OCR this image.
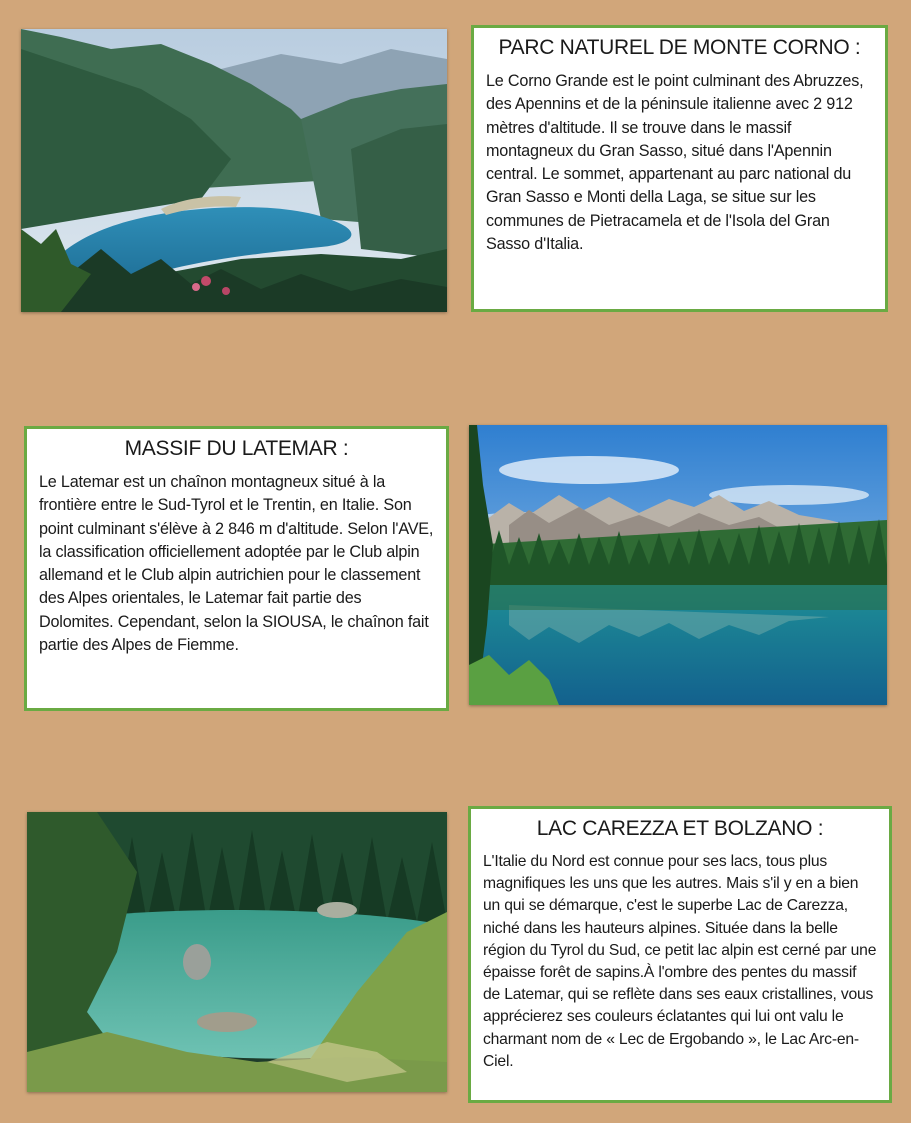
PARC NATUREL DE MONTE CORNO :

Le Corno Grande est le point culminant des Abruzzes, des Apennins et de la péninsule italienne avec 2 912 mètres d'altitude. Il se trouve dans le massif montagneux du Gran Sasso, situé dans l'Apennin central. Le sommet, appartenant au parc national du Gran Sasso e Monti della Laga, se situe sur les communes de Pietracamela et de l'Isola del Gran Sasso d'Italia.

MASSIF DU LATEMAR :

Le Latemar est un chaînon montagneux situé à la frontière entre le Sud-Tyrol et le Trentin, en Italie. Son point culminant s'élève à 2 846 m d'altitude. Selon l'AVE, la classification officiellement adoptée par le Club alpin allemand et le Club alpin autrichien pour le classement des Alpes orientales, le Latemar fait partie des Dolomites. Cependant, selon la SIOUSA, le chaînon fait partie des Alpes de Fiemme.

LAC CAREZZA ET BOLZANO :

L'Italie du Nord est connue pour ses lacs, tous plus magnifiques les uns que les autres. Mais s'il y en a bien un qui se démarque, c'est le superbe Lac de Carezza, niché dans les hauteurs alpines. Située dans la belle région du Tyrol du Sud, ce petit lac alpin est cerné par une épaisse forêt de sapins.À l'ombre des pentes du massif de Latemar, qui se reflète dans ses eaux cristallines, vous apprécierez ses couleurs éclatantes qui lui ont valu le charmant nom de « Lec de Ergobando », le Lac Arc-en-Ciel.
